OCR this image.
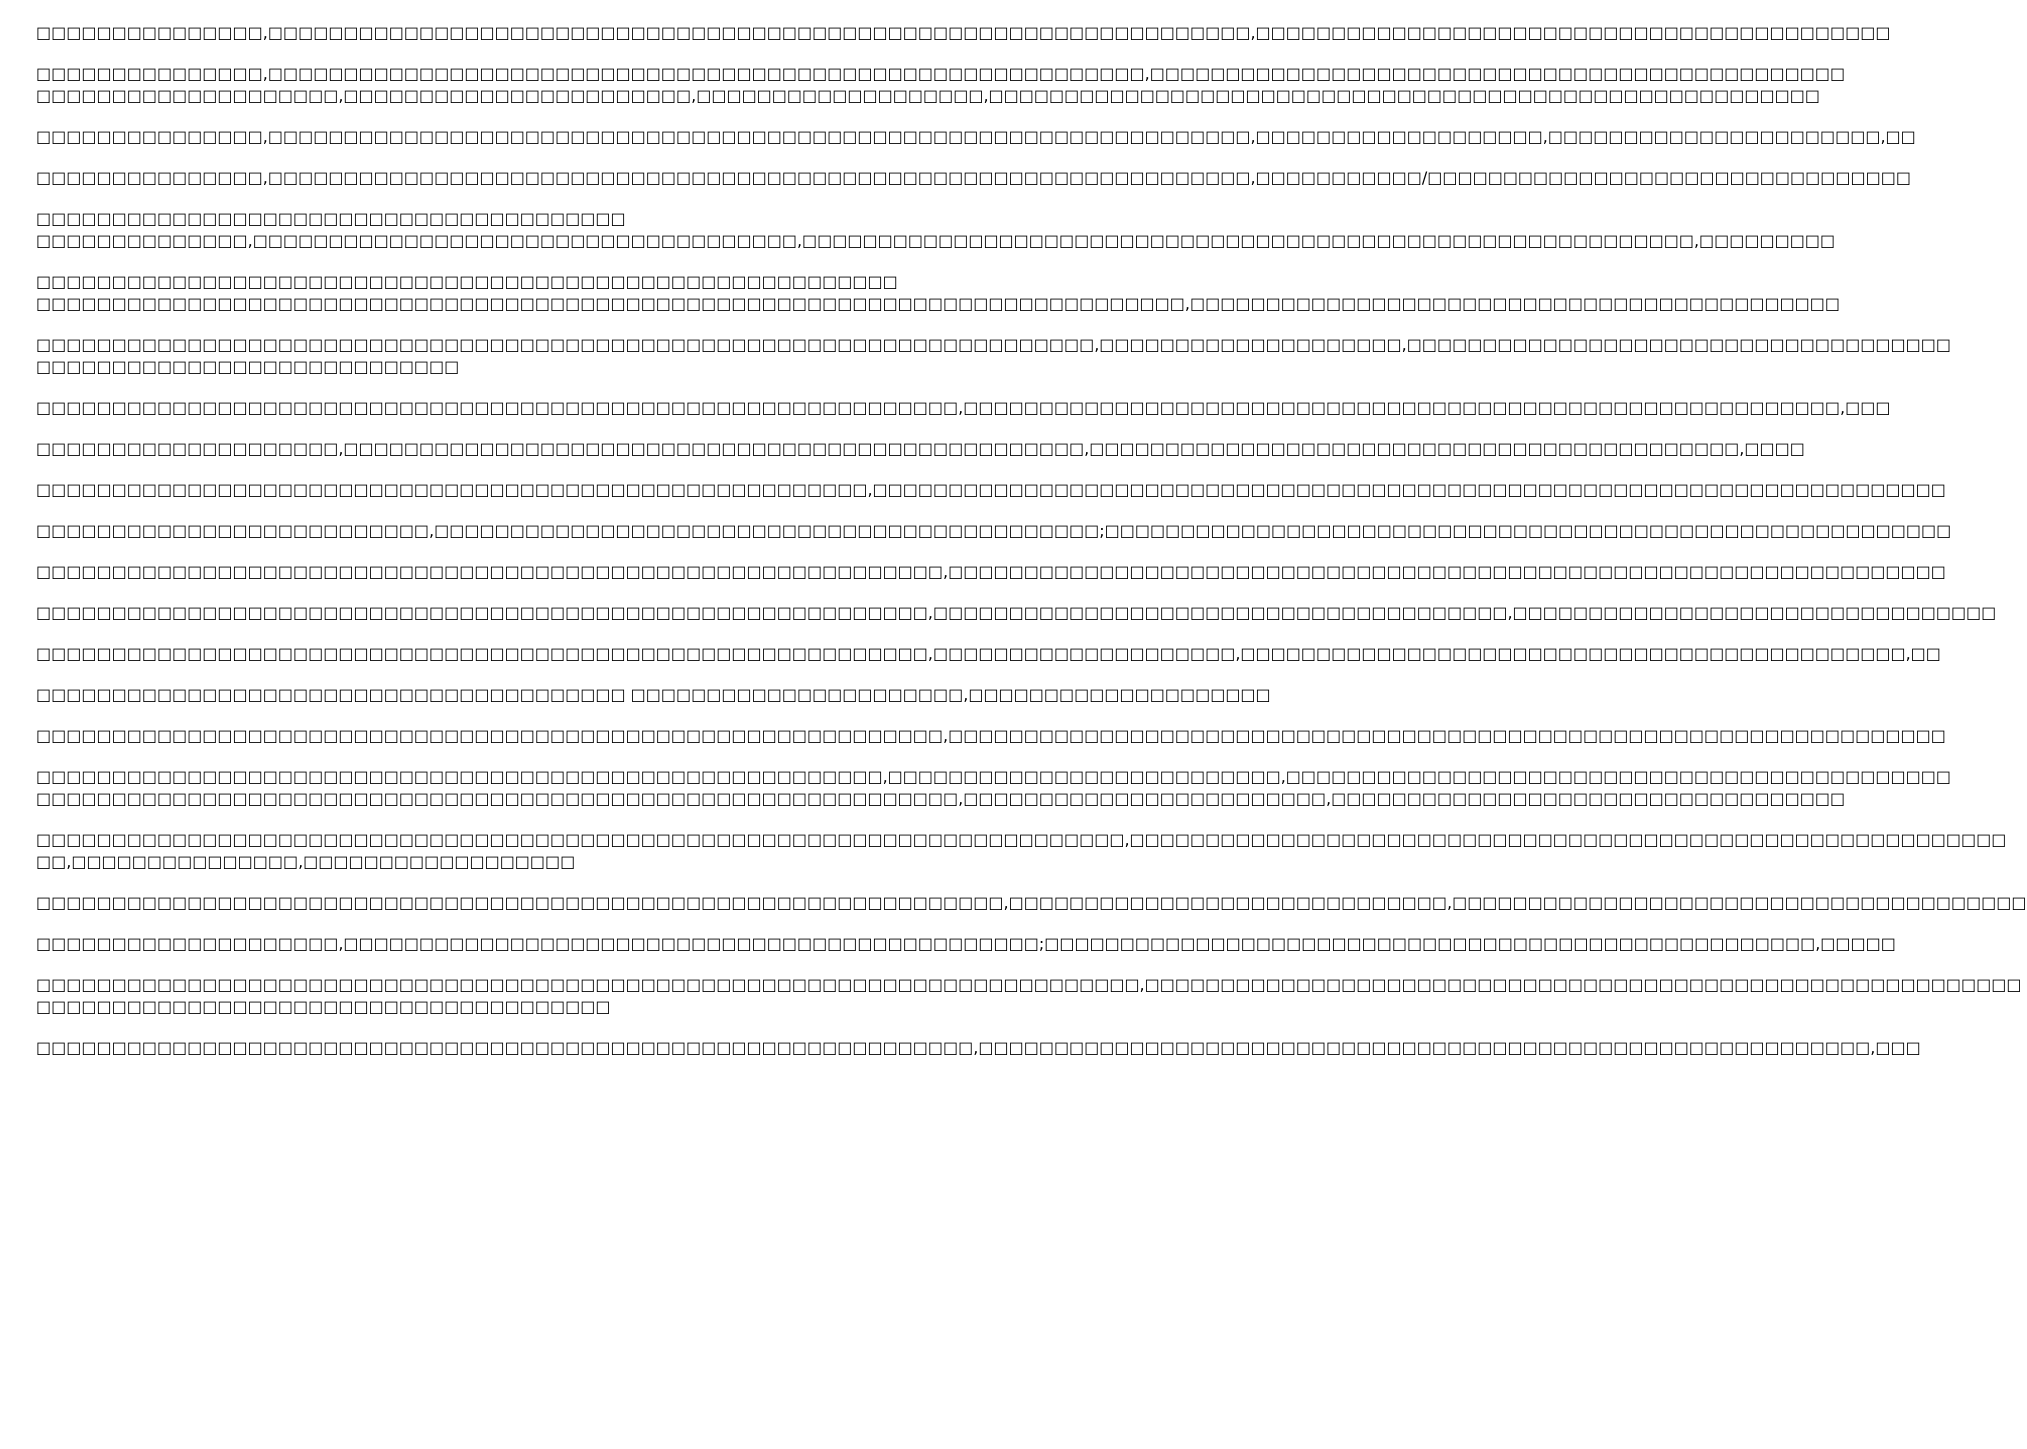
□□□□□□□□□□□□□□□,□□□□□□□□□□□□□□□□□□□□□□□□□□□□□□□□□□□□□□□□□□□□□□□□□□□□□□□□□□□□□□□□□,□□□□□□□□□□□□□□□□□□□□□□□□□□□□□□□□□□□□□□□□□□
□□□□□□□□□□□□□□□,□□□□□□□□□□□□□□□□□□□□□□□□□□□□□□□□□□□□□□□□□□□□□□□□□□□□□□□□□□,□□□□□□□□□□□□□□□□□□□□□□□□□□□□□□□□□□□□□□□□□□□□□□
□□□□□□□□□□□□□□□□□□□□,□□□□□□□□□□□□□□□□□□□□□□□,□□□□□□□□□□□□□□□□□□□,□□□□□□□□□□□□□□□□□□□□□□□□□□□□□□□□□□□□□□□□□□□□□□□□□□□□□□□
□□□□□□□□□□□□□□□,□□□□□□□□□□□□□□□□□□□□□□□□□□□□□□□□□□□□□□□□□□□□□□□□□□□□□□□□□□□□□□□□□,□□□□□□□□□□□□□□□□□□□,□□□□□□□□□□□□□□□□□□□□□□,□□
□□□□□□□□□□□□□□□,□□□□□□□□□□□□□□□□□□□□□□□□□□□□□□□□□□□□□□□□□□□□□□□□□□□□□□□□□□□□□□□□□,□□□□□□□□□□□/□□□□□□□□□□□□□□□□□□□□□□□□□□□□□□□□
□□□□□□□□□□□□□□□□□□□□□□□□□□□□□□□□□□□□□□□
□□□□□□□□□□□□□□,□□□□□□□□□□□□□□□□□□□□□□□□□□□□□□□□□□□□,□□□□□□□□□□□□□□□□□□□□□□□□□□□□□□□□□□□□□□□□□□□□□□□□□□□□□□□□□□□,□□□□□□□□□
□□□□□□□□□□□□□□□□□□□□□□□□□□□□□□□□□□□□□□□□□□□□□□□□□□□□□□□□□
□□□□□□□□□□□□□□□□□□□□□□□□□□□□□□□□□□□□□□□□□□□□□□□□□□□□□□□□□□□□□□□□□□□□□□□□□□□□,□□□□□□□□□□□□□□□□□□□□□□□□□□□□□□□□□□□□□□□□□□□
□□□□□□□□□□□□□□□□□□□□□□□□□□□□□□□□□□□□□□□□□□□□□□□□□□□□□□□□□□□□□□□□□□□□□□,□□□□□□□□□□□□□□□□□□□□,□□□□□□□□□□□□□□□□□□□□□□□□□□□□□□□□□□□□
□□□□□□□□□□□□□□□□□□□□□□□□□□□□
□□□□□□□□□□□□□□□□□□□□□□□□□□□□□□□□□□□□□□□□□□□□□□□□□□□□□□□□□□□□□,□□□□□□□□□□□□□□□□□□□□□□□□□□□□□□□□□□□□□□□□□□□□□□□□□□□□□□□□□□,□□□
□□□□□□□□□□□□□□□□□□□□,□□□□□□□□□□□□□□□□□□□□□□□□□□□□□□□□□□□□□□□□□□□□□□□□□,□□□□□□□□□□□□□□□□□□□□□□□□□□□□□□□□□□□□□□□□□□□,□□□□
□□□□□□□□□□□□□□□□□□□□□□□□□□□□□□□□□□□□□□□□□□□□□□□□□□□□□□□,□□□□□□□□□□□□□□□□□□□□□□□□□□□□□□□□□□□□□□□□□□□□□□□□□□□□□□□□□□□□□□□□□□□□□□□
□□□□□□□□□□□□□□□□□□□□□□□□□□,□□□□□□□□□□□□□□□□□□□□□□□□□□□□□□□□□□□□□□□□□□□□;□□□□□□□□□□□□□□□□□□□□□□□□□□□□□□□□□□□□□□□□□□□□□□□□□□□□□□□□
□□□□□□□□□□□□□□□□□□□□□□□□□□□□□□□□□□□□□□□□□□□□□□□□□□□□□□□□□□□□,□□□□□□□□□□□□□□□□□□□□□□□□□□□□□□□□□□□□□□□□□□□□□□□□□□□□□□□□□□□□□□□□□□
□□□□□□□□□□□□□□□□□□□□□□□□□□□□□□□□□□□□□□□□□□□□□□□□□□□□□□□□□□□,□□□□□□□□□□□□□□□□□□□□□□□□□□□□□□□□□□□□□□,□□□□□□□□□□□□□□□□□□□□□□□□□□□□□□□□
□□□□□□□□□□□□□□□□□□□□□□□□□□□□□□□□□□□□□□□□□□□□□□□□□□□□□□□□□□□,□□□□□□□□□□□□□□□□□□□□,□□□□□□□□□□□□□□□□□□□□□□□□□□□□□□□□□□□□□□□□□□□□,□□
□□□□□□□□□□□□□□□□□□□□□□□□□□□□□□□□□□□□□□□ □□□□□□□□□□□□□□□□□□□□□□,□□□□□□□□□□□□□□□□□□□□
□□□□□□□□□□□□□□□□□□□□□□□□□□□□□□□□□□□□□□□□□□□□□□□□□□□□□□□□□□□□,□□□□□□□□□□□□□□□□□□□□□□□□□□□□□□□□□□□□□□□□□□□□□□□□□□□□□□□□□□□□□□□□□□
□□□□□□□□□□□□□□□□□□□□□□□□□□□□□□□□□□□□□□□□□□□□□□□□□□□□□□□□,□□□□□□□□□□□□□□□□□□□□□□□□□□,□□□□□□□□□□□□□□□□□□□□□□□□□□□□□□□□□□□□□□□□□□□□
□□□□□□□□□□□□□□□□□□□□□□□□□□□□□□□□□□□□□□□□□□□□□□□□□□□□□□□□□□□□□,□□□□□□□□□□□□□□□□□□□□□□□□,□□□□□□□□□□□□□□□□□□□□□□□□□□□□□□□□□□
□□□□□□□□□□□□□□□□□□□□□□□□□□□□□□□□□□□□□□□□□□□□□□□□□□□□□□□□□□□□□□□□□□□□□□□□,□□□□□□□□□□□□□□□□□□□□□□□□□□□□□□□□□□□□□□□□□□□□□□□□□□□□□□□□□□
□□,□□□□□□□□□□□□□□□,□□□□□□□□□□□□□□□□□□
□□□□□□□□□□□□□□□□□□□□□□□□□□□□□□□□□□□□□□□□□□□□□□□□□□□□□□□□□□□□□□□□,□□□□□□□□□□□□□□□□□□□□□□□□□□□□□,□□□□□□□□□□□□□□□□□□□□□□□□□□□□□□□□□□□□□□
□□□□□□□□□□□□□□□□□□□□,□□□□□□□□□□□□□□□□□□□□□□□□□□□□□□□□□□□□□□□□□□□□□□;□□□□□□□□□□□□□□□□□□□□□□□□□□□□□□□□□□□□□□□□□□□□□□□□□□□,□□□□□
□□□□□□□□□□□□□□□□□□□□□□□□□□□□□□□□□□□□□□□□□□□□□□□□□□□□□□□□□□□□□□□□□□□□□□□□□,□□□□□□□□□□□□□□□□□□□□□□□□□□□□□□□□□□□□□□□□□□□□□□□□□□□□□□□□□□
□□□□□□□□□□□□□□□□□□□□□□□□□□□□□□□□□□□□□□
□□□□□□□□□□□□□□□□□□□□□□□□□□□□□□□□□□□□□□□□□□□□□□□□□□□□□□□□□□□□□□,□□□□□□□□□□□□□□□□□□□□□□□□□□□□□□□□□□□□□□□□□□□□□□□□□□□□□□□□□□□,□□□
